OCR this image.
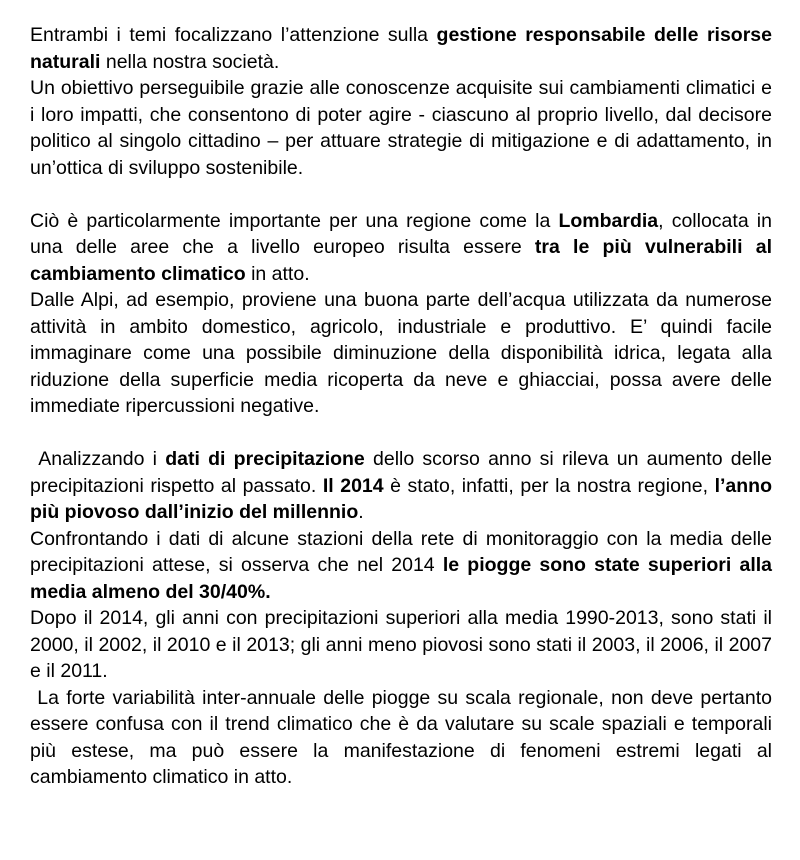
Entrambi i temi focalizzano l’attenzione sulla gestione responsabile delle risorse naturali nella nostra società.

Un obiettivo perseguibile grazie alle conoscenze acquisite sui cambiamenti climatici e i loro impatti, che consentono di poter agire - ciascuno al proprio livello, dal decisore politico al singolo cittadino – per attuare strategie di mitigazione e di adattamento, in un’ottica di sviluppo sostenibile.

Ciò è particolarmente importante per una regione come la Lombardia, collocata in una delle aree che a livello europeo risulta essere tra le più vulnerabili al cambiamento climatico in atto.

Dalle Alpi, ad esempio, proviene una buona parte dell’acqua utilizzata da numerose attività in ambito domestico, agricolo, industriale e produttivo. E’ quindi facile immaginare come una possibile diminuzione della disponibilità idrica, legata alla riduzione della superficie media ricoperta da neve e ghiacciai, possa avere delle immediate ripercussioni negative.

Analizzando i dati di precipitazione dello scorso anno si rileva un aumento delle precipitazioni rispetto al passato. Il 2014 è stato, infatti, per la nostra regione, l’anno più piovoso dall’inizio del millennio.

Confrontando i dati di alcune stazioni della rete di monitoraggio con la media delle precipitazioni attese, si osserva che nel 2014 le piogge sono state superiori alla media almeno del 30/40%.

Dopo il 2014, gli anni con precipitazioni superiori alla media 1990-2013, sono stati il 2000, il 2002, il 2010 e il 2013; gli anni meno piovosi sono stati il 2003, il 2006, il 2007 e il 2011.

La forte variabilità inter-annuale delle piogge su scala regionale, non deve pertanto essere confusa con il trend climatico che è da valutare su scale spaziali e temporali più estese, ma può essere la manifestazione di fenomeni estremi legati al cambiamento climatico in atto.
